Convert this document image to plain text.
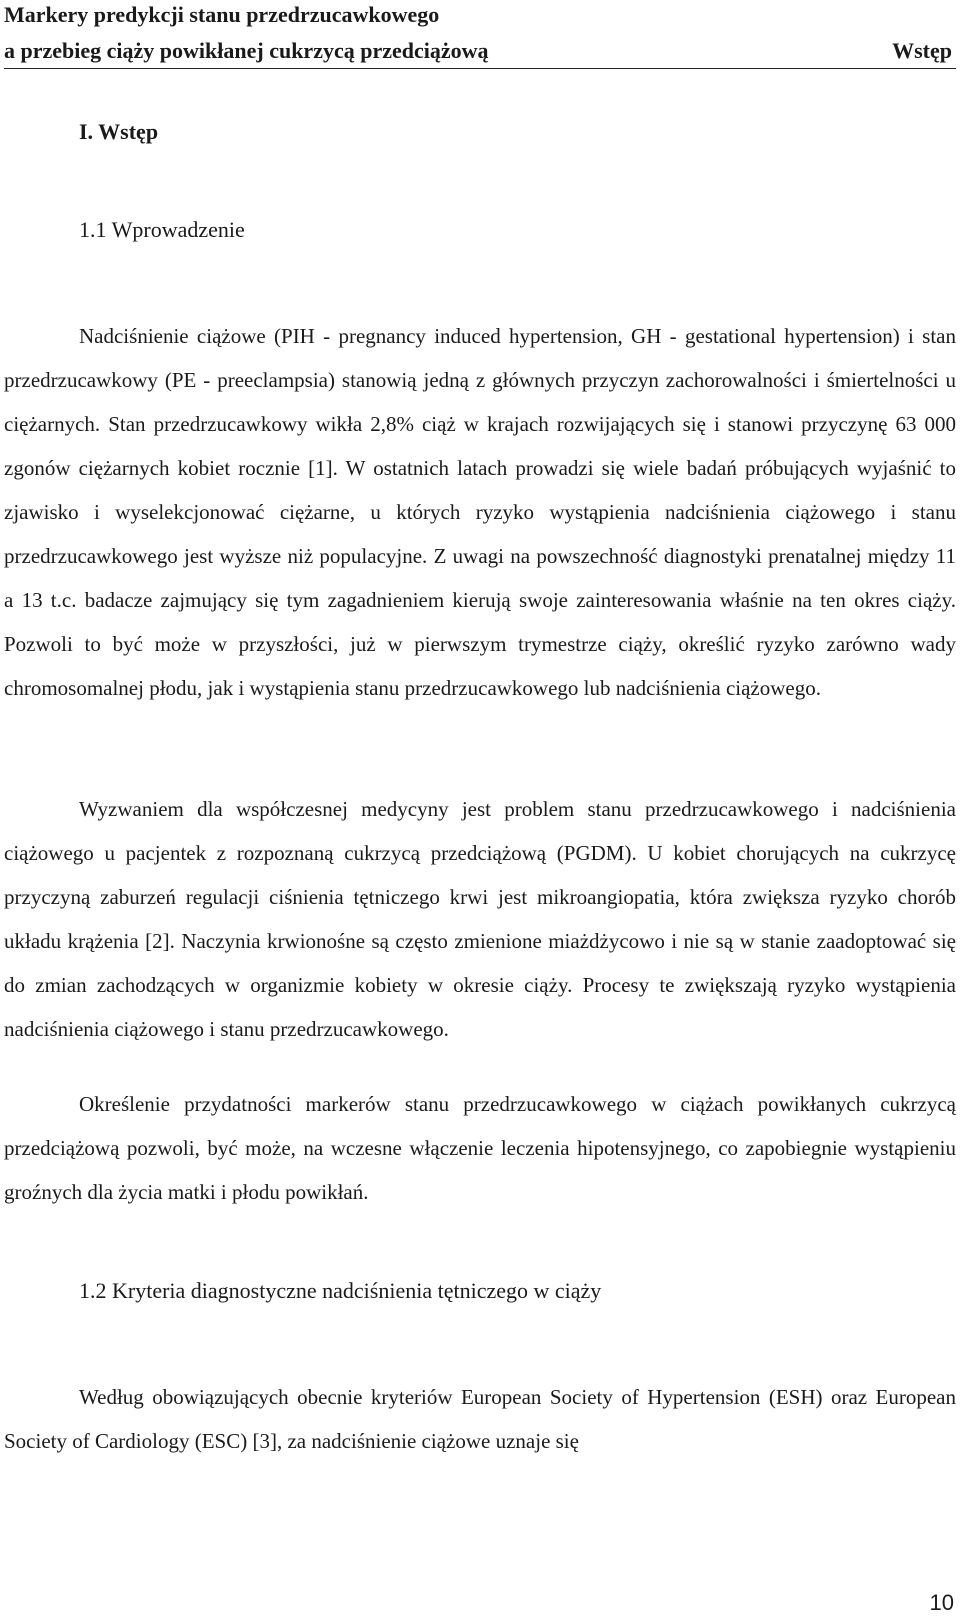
Markery predykcji stanu przedrzucawkowego
a przebieg ciąży powikłanej cukrzycą przedciążową	Wstęp
I. Wstęp
1.1 Wprowadzenie

Nadciśnienie ciążowe (PIH - pregnancy induced hypertension, GH - gestational hypertension) i stan przedrzucawkowy (PE - preeclampsia) stanowią jedną z głównych przyczyn zachorowalności i śmiertelności u ciężarnych. Stan przedrzucawkowy wikła 2,8% ciąż w krajach rozwijających się i stanowi przyczynę 63 000 zgonów ciężarnych kobiet rocznie [1]. W ostatnich latach prowadzi się wiele badań próbujących wyjaśnić to zjawisko i wyselekcjonować ciężarne, u których ryzyko wystąpienia nadciśnienia ciążowego i stanu przedrzucawkowego jest wyższe niż populacyjne. Z uwagi na powszechność diagnostyki prenatalnej między 11 a 13 t.c. badacze zajmujący się tym zagadnieniem kierują swoje zainteresowania właśnie na ten okres ciąży. Pozwoli to być może w przyszłości, już w pierwszym trymestrze ciąży, określić ryzyko zarówno wady chromosomalnej płodu, jak i wystąpienia stanu przedrzucawkowego lub nadciśnienia ciążowego.

Wyzwaniem dla współczesnej medycyny jest problem stanu przedrzucawkowego i nadciśnienia ciążowego u pacjentek z rozpoznaną cukrzycą przedciążową (PGDM). U kobiet chorujących na cukrzycę przyczyną zaburzeń regulacji ciśnienia tętniczego krwi jest mikroangiopatia, która zwiększa ryzyko chorób układu krążenia [2]. Naczynia krwionośne są często zmienione miażdżycowo i nie są w stanie zaadoptować się do zmian zachodzących w organizmie kobiety w okresie ciąży. Procesy te zwiększają ryzyko wystąpienia nadciśnienia ciążowego i stanu przedrzucawkowego.

Określenie przydatności markerów stanu przedrzucawkowego w ciążach powikłanych cukrzycą przedciążową pozwoli, być może, na wczesne włączenie leczenia hipotensyjnego, co zapobiegnie wystąpieniu groźnych dla życia matki i płodu powikłań.

1.2 Kryteria diagnostyczne nadciśnienia tętniczego w ciąży

Według obowiązujących obecnie kryteriów European Society of Hypertension (ESH) oraz European Society of Cardiology (ESC) [3], za nadciśnienie ciążowe uznaje się

10
